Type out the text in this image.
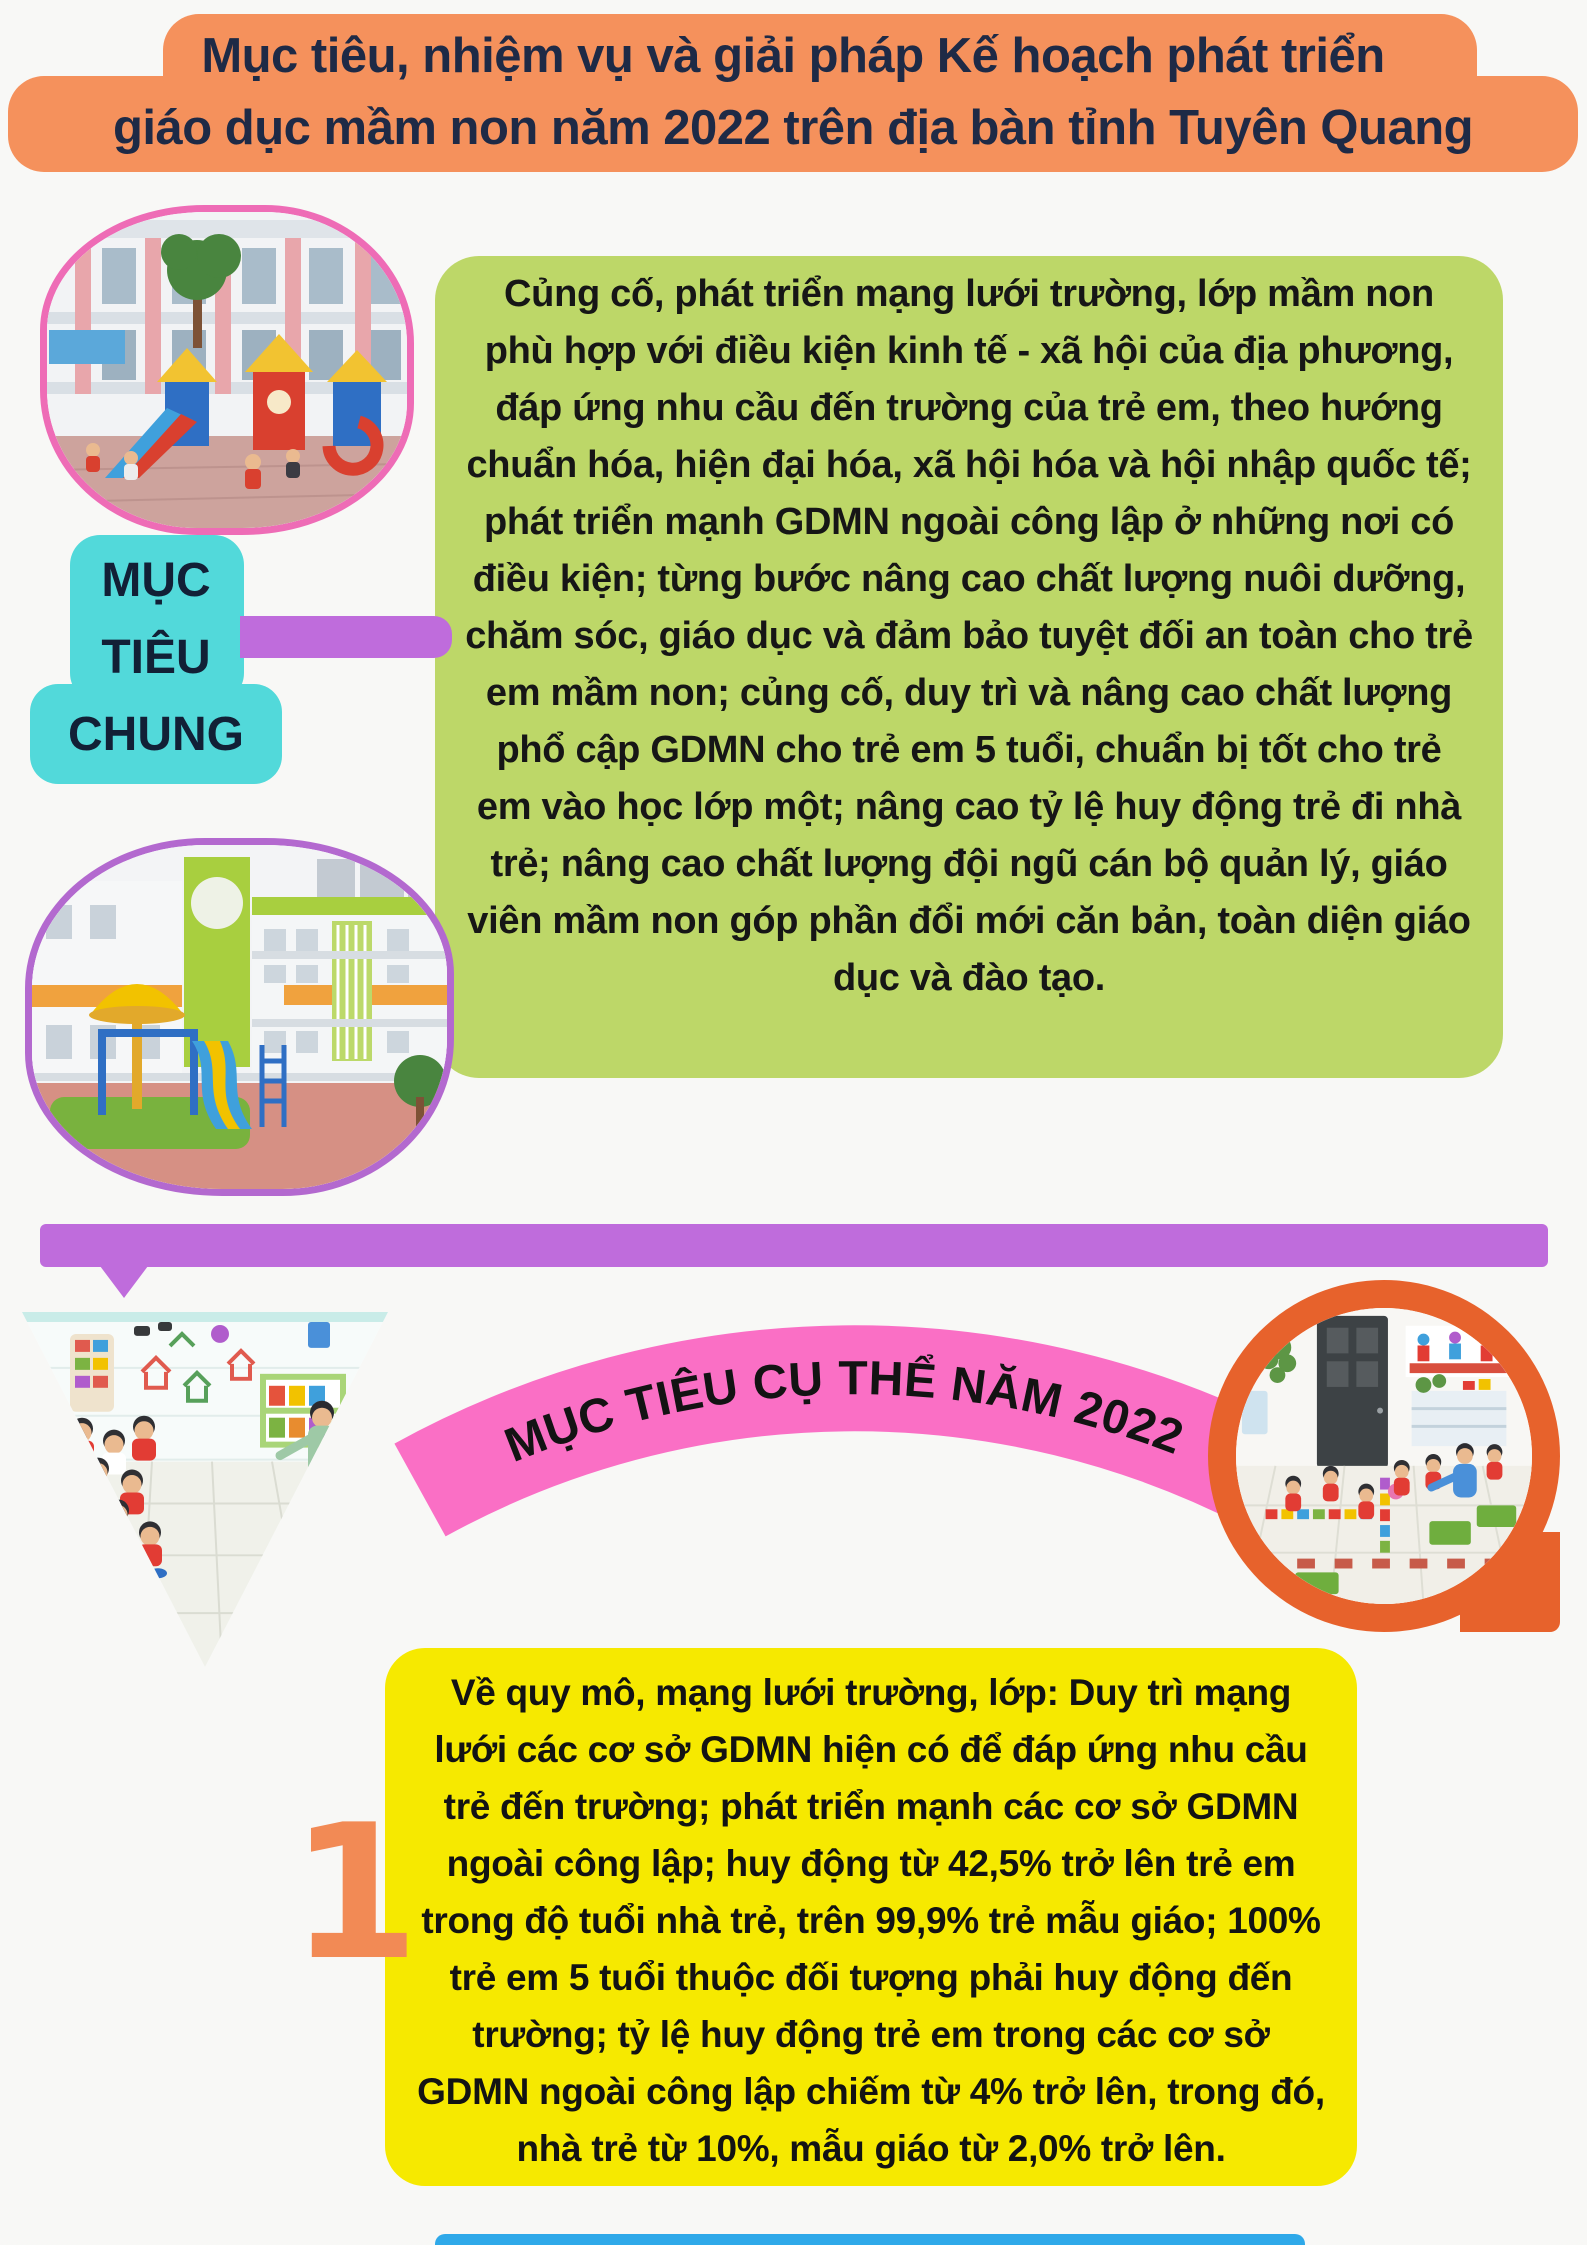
Mục tiêu, nhiệm vụ và giải pháp Kế hoạch phát triển
giáo dục mầm non năm 2022 trên địa bàn tỉnh Tuyên Quang
MỤC
TIÊU
CHUNG

Củng cố, phát triển mạng lưới trường, lớp mầm non phù hợp với điều kiện kinh tế - xã hội của địa phương, đáp ứng nhu cầu đến trường của trẻ em, theo hướng chuẩn hóa, hiện đại hóa, xã hội hóa và hội nhập quốc tế; phát triển mạnh GDMN ngoài công lập ở những nơi có điều kiện; từng bước nâng cao chất lượng nuôi dưỡng, chăm sóc, giáo dục và đảm bảo tuyệt đối an toàn cho trẻ em mầm non; củng cố, duy trì và nâng cao chất lượng phổ cập GDMN cho trẻ em 5 tuổi, chuẩn bị tốt cho trẻ em vào học lớp một; nâng cao tỷ lệ huy động trẻ đi nhà trẻ; nâng cao chất lượng đội ngũ cán bộ quản lý, giáo viên mầm non góp phần đổi mới căn bản, toàn diện giáo dục và đào tạo.

MỤC TIÊU CỤ THỂ NĂM 2022
1

Về quy mô, mạng lưới trường, lớp: Duy trì mạng lưới các cơ sở GDMN hiện có để đáp ứng nhu cầu trẻ đến trường; phát triển mạnh các cơ sở GDMN ngoài công lập; huy động từ 42,5% trở lên trẻ em trong độ tuổi nhà trẻ, trên 99,9% trẻ mẫu giáo; 100% trẻ em 5 tuổi thuộc đối tượng phải huy động đến trường; tỷ lệ huy động trẻ em trong các cơ sở GDMN ngoài công lập chiếm từ 4% trở lên, trong đó, nhà trẻ từ 10%, mẫu giáo từ 2,0% trở lên.
